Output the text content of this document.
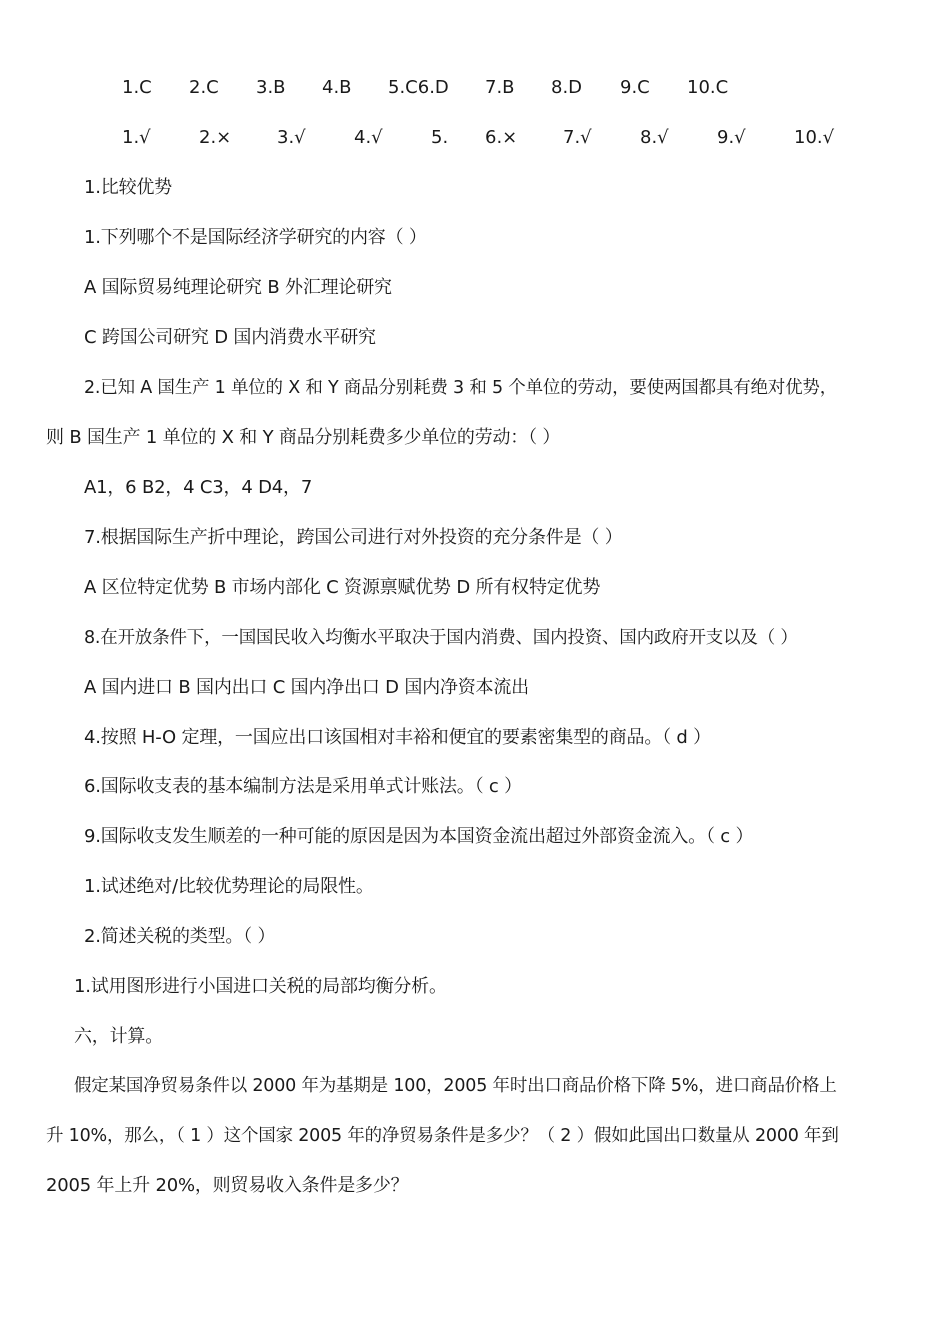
1.C 2.C 3.B 4.B 5.C6.D 7.B 8.D 9.C 10.C
1.√	2.×	3.√	4.√	5. 6.×	7.√	8.√	9.√	10.√
1.比较优势
1.下列哪个不是国际经济学研究的内容（ ）
A 国际贸易纯理论研究 B 外汇理论研究
C 跨国公司研究 D 国内消费水平研究
2.已知 A 国生产 1 单位的 X 和 Y 商品分别耗费 3 和 5 个单位的劳动，要使两国都具有绝对优势，
则 B 国生产 1 单位的 X 和 Y 商品分别耗费多少单位的劳动：（ ）
A1，6 B2，4 C3，4 D4，7
7.根据国际生产折中理论，跨国公司进行对外投资的充分条件是（ ）
A 区位特定优势 B 市场内部化 C 资源禀赋优势 D 所有权特定优势
8.在开放条件下，一国国民收入均衡水平取决于国内消费、国内投资、国内政府开支以及（ ）
A 国内进口 B 国内出口 C 国内净出口 D 国内净资本流出
4.按照 H-O 定理，一国应出口该国相对丰裕和便宜的要素密集型的商品。（ d ）
6.国际收支表的基本编制方法是采用单式计账法。（ c ）
9.国际收支发生顺差的一种可能的原因是因为本国资金流出超过外部资金流入。（ c ）
1.试述绝对/比较优势理论的局限性。
2.简述关税的类型。（ ）
1.试用图形进行小国进口关税的局部均衡分析。
六，计算。
假定某国净贸易条件以 2000 年为基期是 100，2005 年时出口商品价格下降 5%，进口商品价格上
升 10%，那么，（ 1 ）这个国家 2005 年的净贸易条件是多少？（ 2 ）假如此国出口数量从 2000 年到
2005 年上升 20%，则贸易收入条件是多少？
